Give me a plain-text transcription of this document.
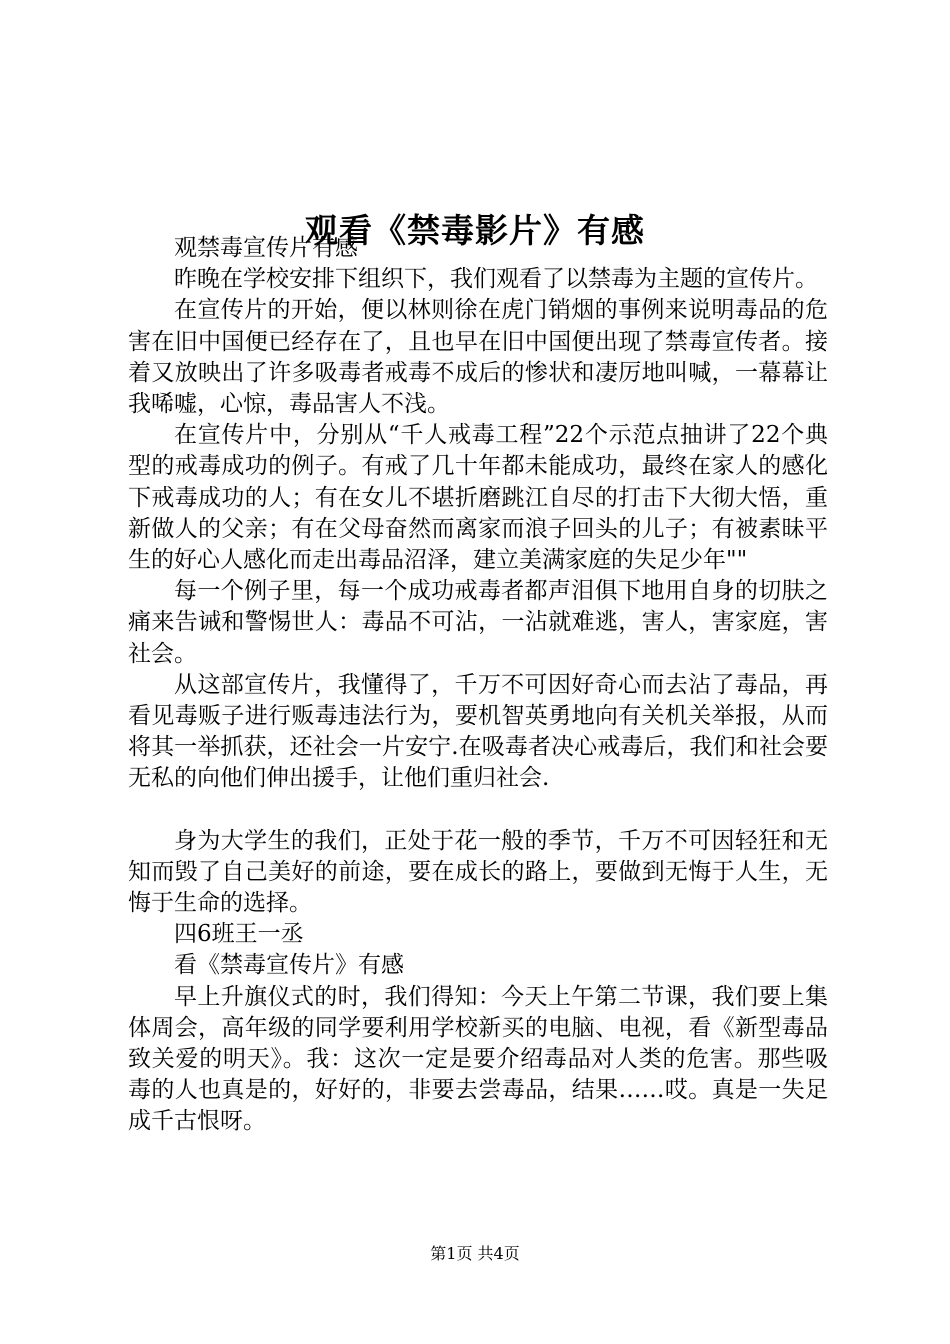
观看《禁毒影片》有感

观禁毒宣传片有感

昨晚在学校安排下组织下，我们观看了以禁毒为主题的宣传片。

在宣传片的开始，便以林则徐在虎门销烟的事例来说明毒品的危害在旧中国便已经存在了，且也早在旧中国便出现了禁毒宣传者。接着又放映出了许多吸毒者戒毒不成后的惨状和凄厉地叫喊，一幕幕让我唏嘘，心惊，毒品害人不浅。

在宣传片中，分别从“千人戒毒工程”22个示范点抽讲了22个典型的戒毒成功的例子。有戒了几十年都未能成功，最终在家人的感化下戒毒成功的人；有在女儿不堪折磨跳江自尽的打击下大彻大悟，重新做人的父亲；有在父母奋然而离家而浪子回头的儿子；有被素昧平生的好心人感化而走出毒品沼泽，建立美满家庭的失足少年""

每一个例子里，每一个成功戒毒者都声泪俱下地用自身的切肤之痛来告诫和警惕世人：毒品不可沾，一沾就难逃，害人，害家庭，害社会。

从这部宣传片，我懂得了，千万不可因好奇心而去沾了毒品，再看见毒贩子进行贩毒违法行为，要机智英勇地向有关机关举报，从而将其一举抓获，还社会一片安宁.在吸毒者决心戒毒后，我们和社会要无私的向他们伸出援手，让他们重归社会.

身为大学生的我们，正处于花一般的季节，千万不可因轻狂和无知而毁了自己美好的前途，要在成长的路上，要做到无悔于人生，无悔于生命的选择。

四6班王一丞

看《禁毒宣传片》有感

早上升旗仪式的时，我们得知：今天上午第二节课，我们要上集体周会，高年级的同学要利用学校新买的电脑、电视，看《新型毒品致关爱的明天》。我：这次一定是要介绍毒品对人类的危害。那些吸毒的人也真是的，好好的，非要去尝毒品，结果……哎。真是一失足成千古恨呀。

第1页 共4页
